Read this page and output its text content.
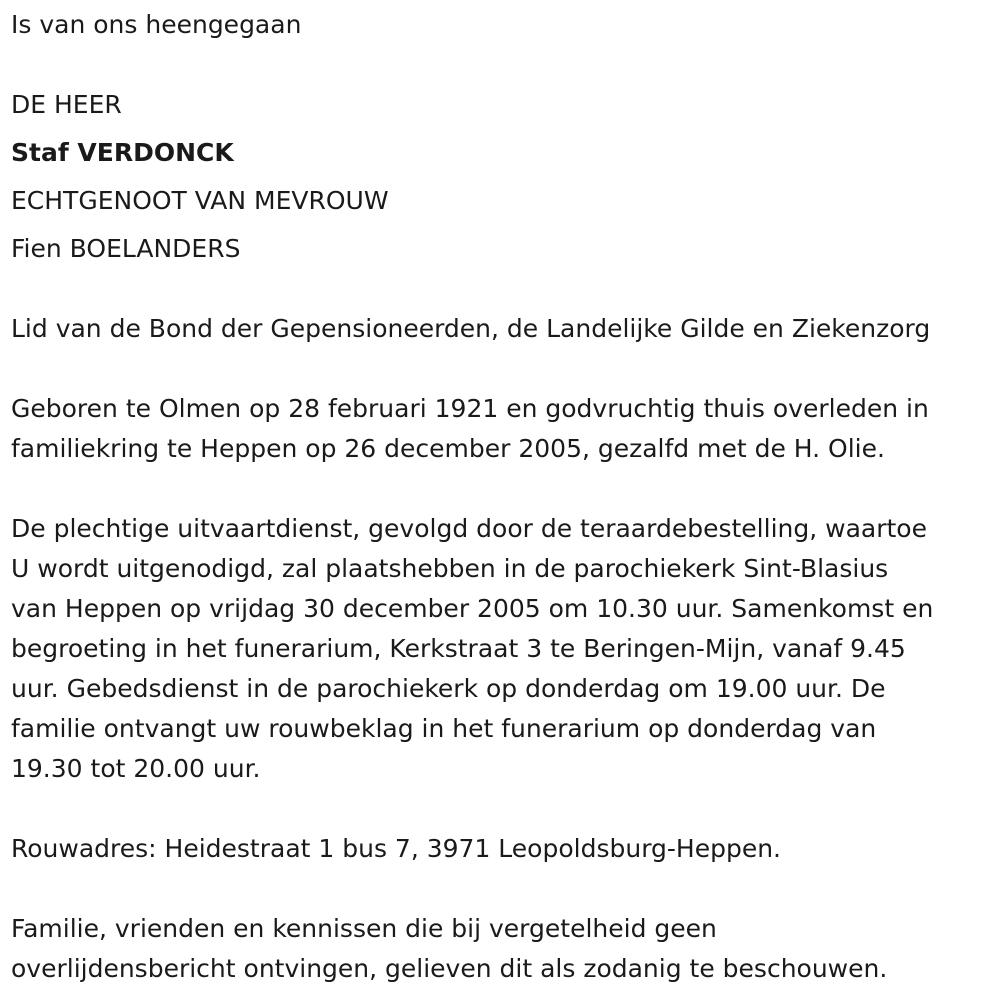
Is van ons heengegaan

DE HEER

Staf VERDONCK

ECHTGENOOT VAN MEVROUW

Fien BOELANDERS

Lid van de Bond der Gepensioneerden, de Landelijke Gilde en Ziekenzorg

Geboren te Olmen op 28 februari 1921 en godvruchtig thuis overleden in
familiekring te Heppen op 26 december 2005, gezalfd met de H. Olie.
De plechtige uitvaartdienst, gevolgd door de teraardebestelling, waartoe
U wordt uitgenodigd, zal plaatshebben in de parochiekerk Sint-Blasius
van Heppen op vrijdag 30 december 2005 om 10.30 uur. Samenkomst en
begroeting in het funerarium, Kerkstraat 3 te Beringen-Mijn, vanaf 9.45
uur. Gebedsdienst in de parochiekerk op donderdag om 19.00 uur. De
familie ontvangt uw rouwbeklag in het funerarium op donderdag van
19.30 tot 20.00 uur.

Rouwadres: Heidestraat 1 bus 7, 3971 Leopoldsburg-Heppen.

Familie, vrienden en kennissen die bij vergetelheid geen
overlijdensbericht ontvingen, gelieven dit als zodanig te beschouwen.
